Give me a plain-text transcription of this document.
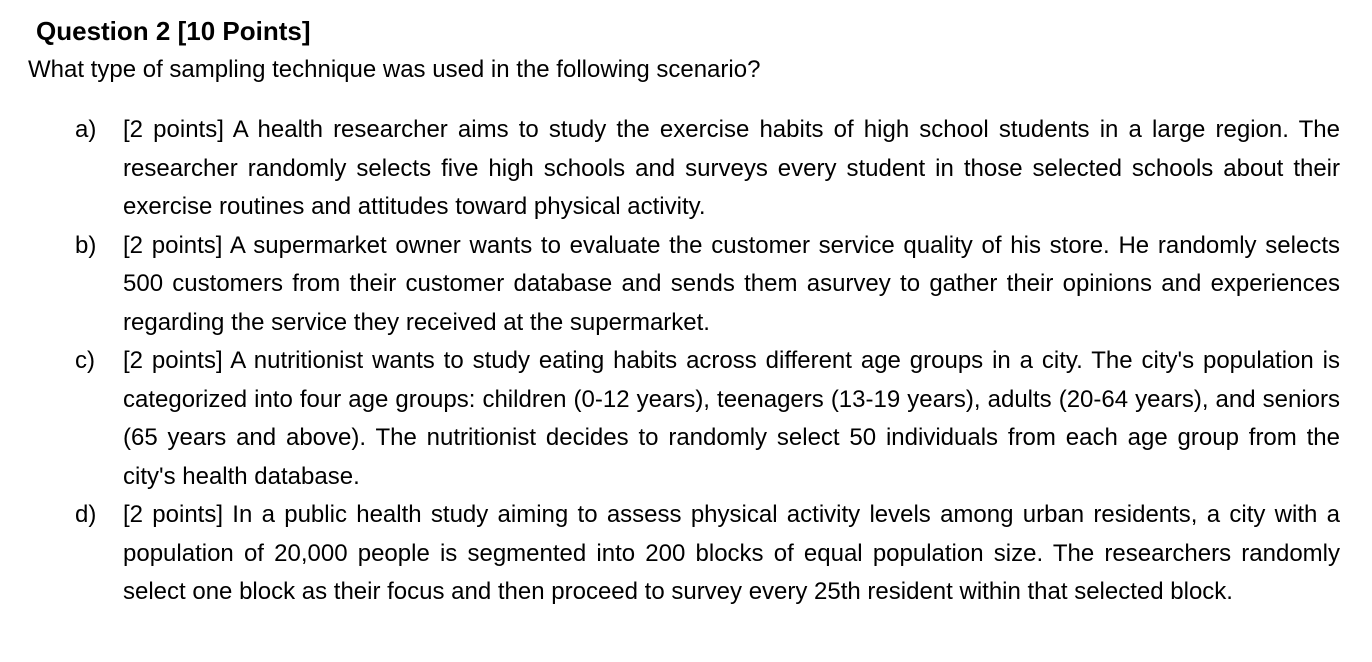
Question 2 [10 Points]
What type of sampling technique was used in the following scenario?
a)	[2 points] A health researcher aims to study the exercise habits of high school students in a large region. The researcher randomly selects five high schools and surveys every student in those selected schools about their exercise routines and attitudes toward physical activity.
b)	[2 points] A supermarket owner wants to evaluate the customer service quality of his store. He randomly selects 500 customers from their customer database and sends them asurvey to gather their opinions and experiences regarding the service they received at the supermarket.
c)	[2 points] A nutritionist wants to study eating habits across different age groups in a city. The city's population is categorized into four age groups: children (0-12 years), teenagers (13-19 years), adults (20-64 years), and seniors (65 years and above). The nutritionist decides to randomly select 50 individuals from each age group from the city's health database.
d)	[2 points] In a public health study aiming to assess physical activity levels among urban residents, a city with a population of 20,000 people is segmented into 200 blocks of equal population size. The researchers randomly select one block as their focus and then proceed to survey every 25th resident within that selected block.
